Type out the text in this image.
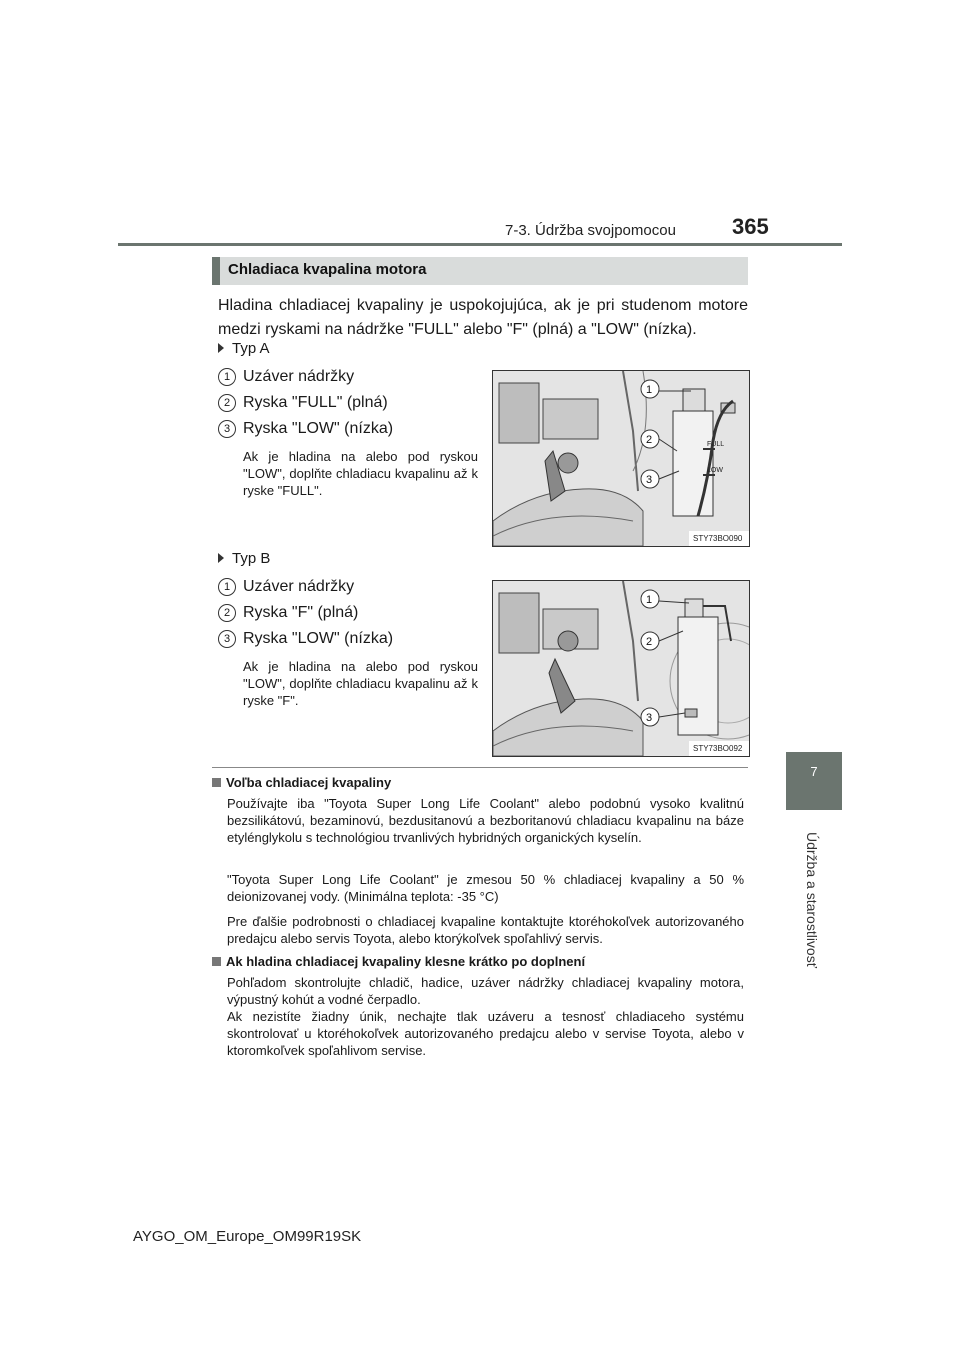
7-3. Údržba svojpomocou	365
7
Údržba a starostlivosť
Chladiaca kvapalina motora
Hladina chladiacej kvapaliny je uspokojujúca, ak je pri studenom motore medzi ryskami na nádržke "FULL" alebo "F" (plná) a "LOW" (nízka).
Typ A
1 Uzáver nádržky
2 Ryska "FULL" (plná)
3 Ryska "LOW" (nízka)
Ak je hladina na alebo pod ryskou "LOW", doplňte chladiacu kvapalinu až k ryske "FULL".
FULL
LOW
1
2
3
STY73BO090
Typ B
1 Uzáver nádržky
2 Ryska "F" (plná)
3 Ryska "LOW" (nízka)
Ak je hladina na alebo pod ryskou "LOW", doplňte chladiacu kvapalinu až k ryske "F".
1
2
3
STY73BO092
Voľba chladiacej kvapaliny
Používajte iba "Toyota Super Long Life Coolant" alebo podobnú vysoko kvalitnú bezsilikátovú, bezaminovú, bezdusitanovú a bezboritanovú chladiacu kvapalinu na báze etylénglykolu s technológiou trvanlivých hybridných organických kyselín.
"Toyota Super Long Life Coolant" je zmesou 50 % chladiacej kvapaliny a 50 % deionizovanej vody. (Minimálna teplota: -35 °C)
Pre ďalšie podrobnosti o chladiacej kvapaline kontaktujte ktoréhokoľvek autorizovaného predajcu alebo servis Toyota, alebo ktorýkoľvek spoľahlivý servis.
Ak hladina chladiacej kvapaliny klesne krátko po doplnení
Pohľadom skontrolujte chladič, hadice, uzáver nádržky chladiacej kvapaliny motora, výpustný kohút a vodné čerpadlo.
Ak nezistíte žiadny únik, nechajte tlak uzáveru a tesnosť chladiaceho systému skontrolovať u ktoréhokoľvek autorizovaného predajcu alebo v servise Toyota, alebo v ktoromkoľvek spoľahlivom servise.
AYGO_OM_Europe_OM99R19SK
